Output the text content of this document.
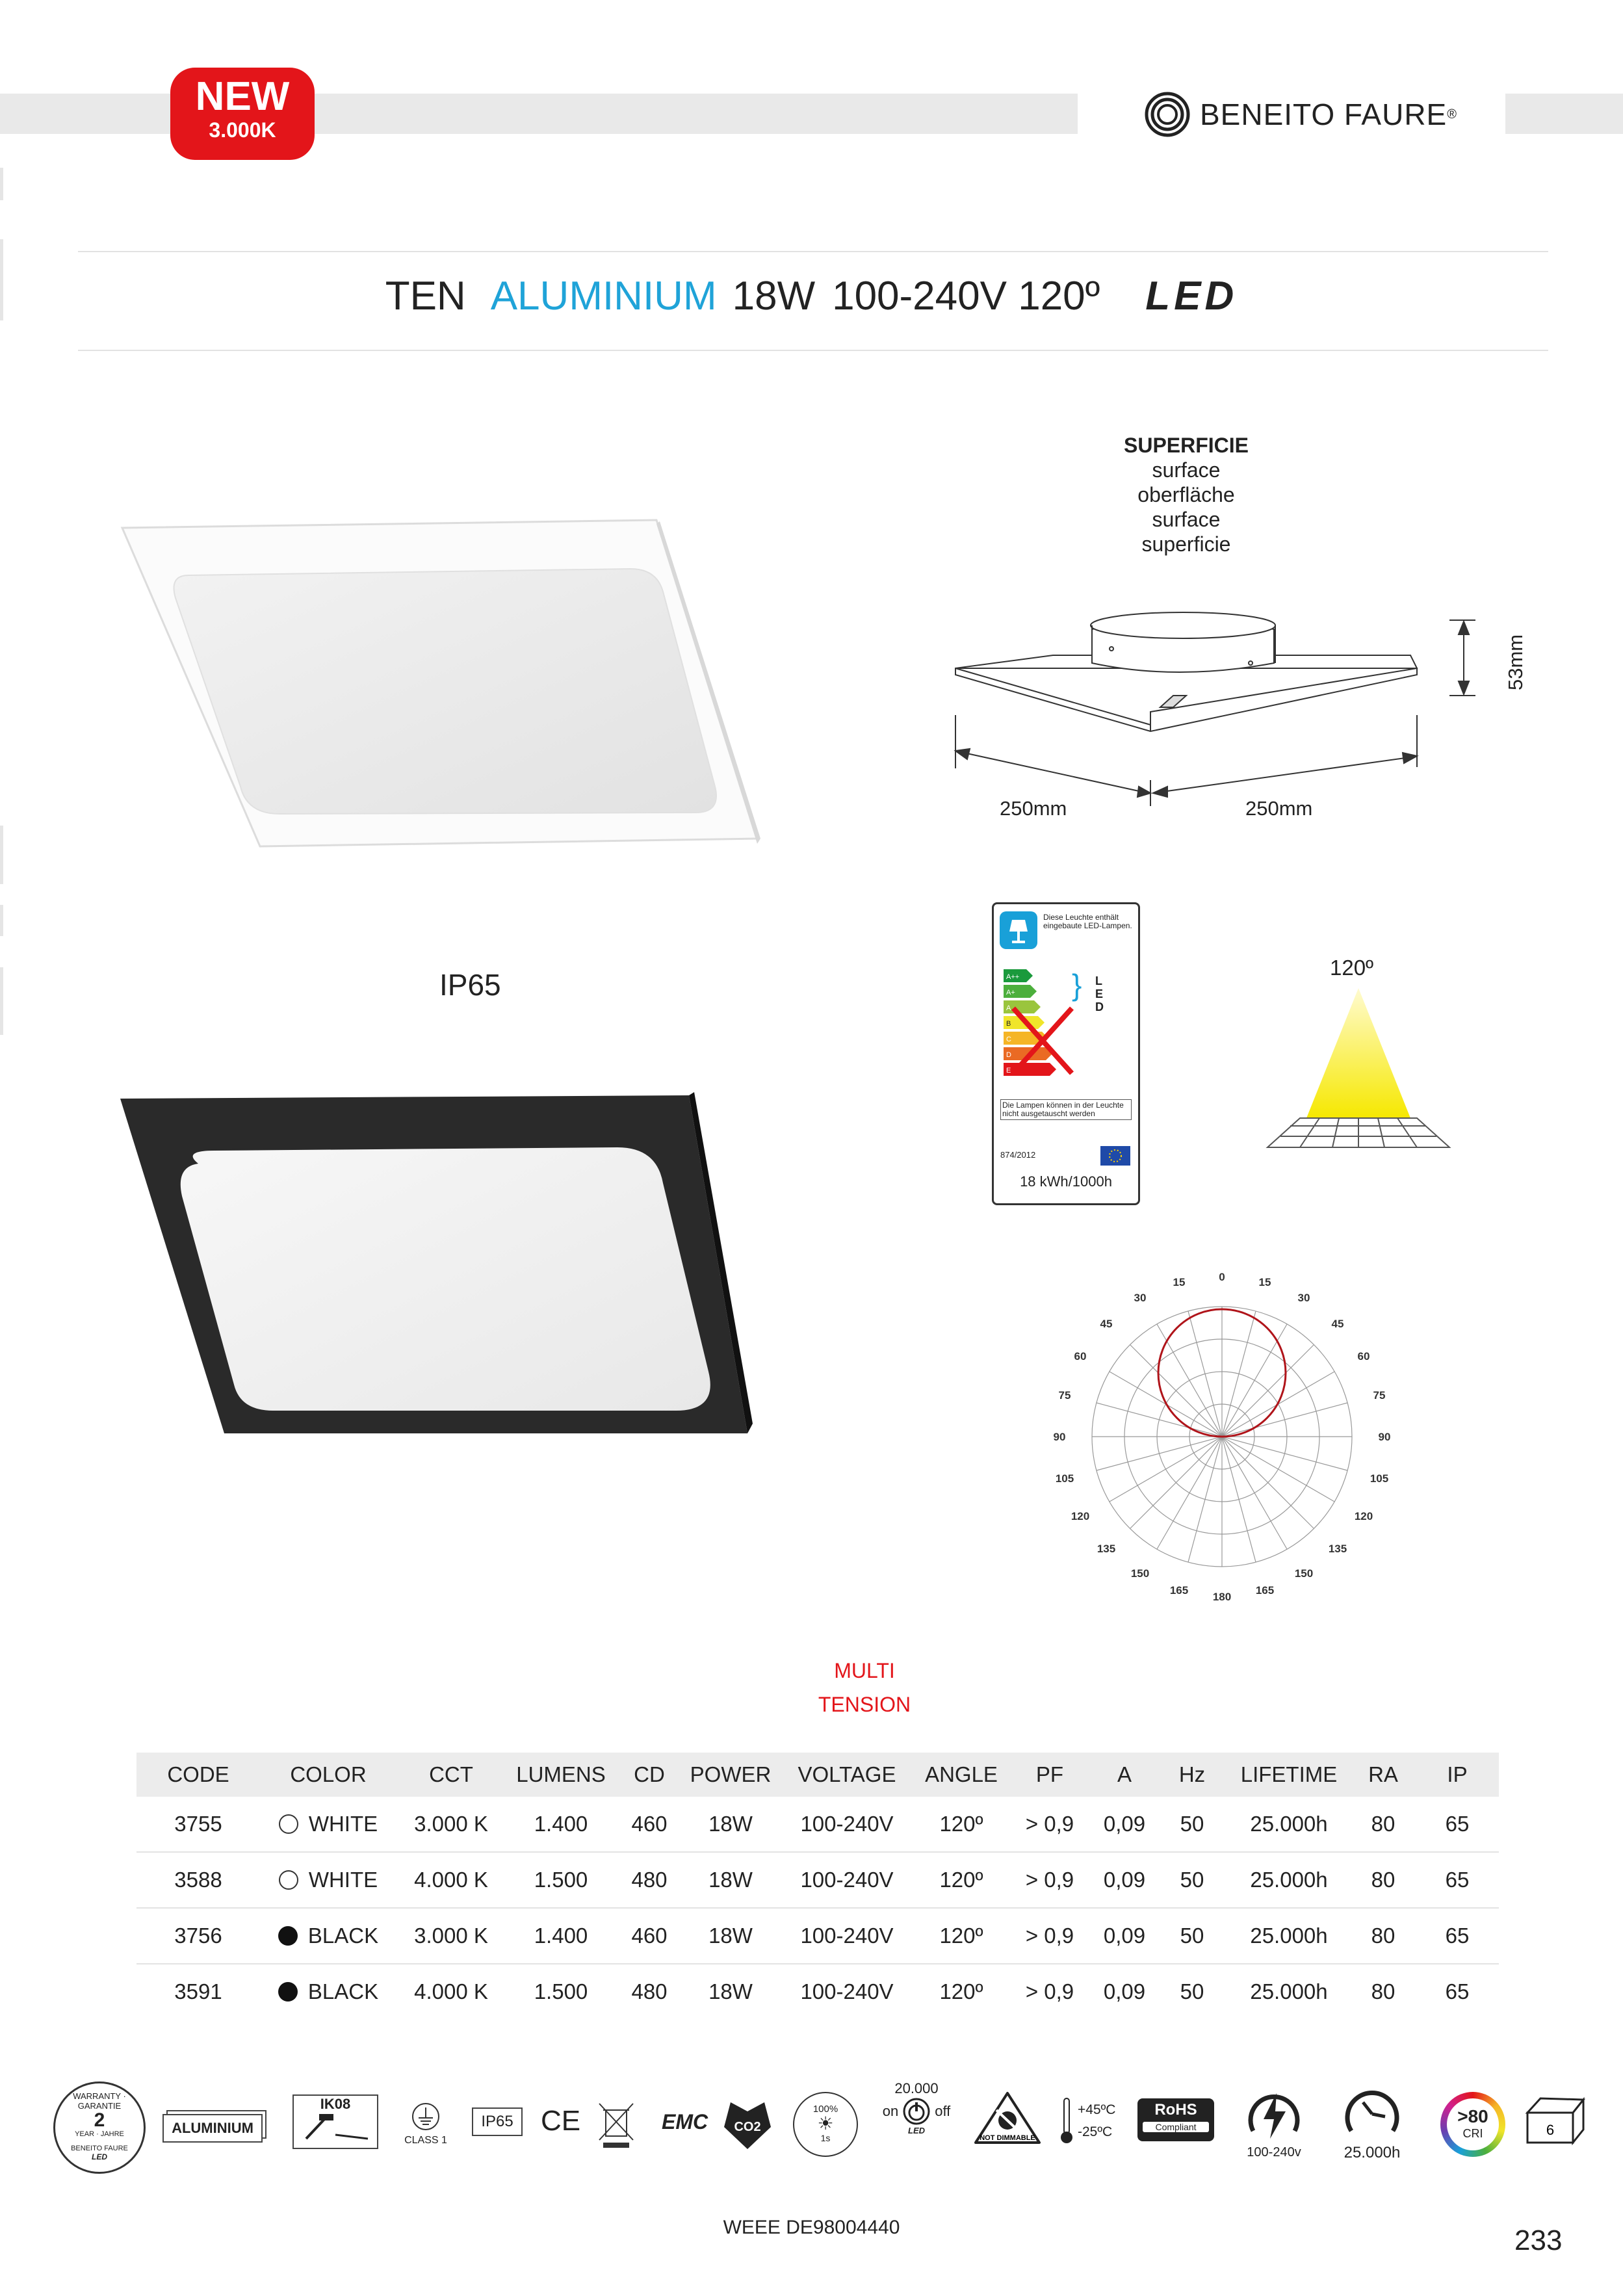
NEW
3.000K	BENEITO FAURE ®
TEN ALUMINIUM 18W 100-240V 120º LED
SUPERFICIE
surface
oberfläche
surface
superficie
53mm
250mm	250mm
IP65
Diese Leuchte enthält eingebaute LED-Lampen.
A++
A+
A
B
C
D
E
} L
E
D
Die Lampen können in der Leuchte nicht ausgetauscht werden
874/2012
18 kWh/1000h
120º
0
15
30
45
60
75
90
105
120
135
150
165
180
15
30
45
60
75
90
105
120
135
150
165
MULTI
TENSION
CODE	COLOR	CCT	LUMENS	CD	POWER	VOLTAGE	ANGLE	PF	A	Hz	LIFETIME	RA	IP
3755	WHITE	3.000 K	1.400	460	18W	100-240V	120º	> 0,9	0,09	50	25.000h	80	65
3588	WHITE	4.000 K	1.500	480	18W	100-240V	120º	> 0,9	0,09	50	25.000h	80	65
3756	BLACK	3.000 K	1.400	460	18W	100-240V	120º	> 0,9	0,09	50	25.000h	80	65
3591	BLACK	4.000 K	1.500	480	18W	100-240V	120º	> 0,9	0,09	50	25.000h	80	65
WARRANTY · GARANTIE
2
YEAR · JAHRE
BENEITO FAURE
LED
ALUMINIUM
IK08
CLASS 1
IP65 CE	EMC CO2
100%
☀
1s
20.000
on	off
LED
NOT DIMMABLE
+45ºC
-25ºC
RoHS
Compliant
100-240v	25.000h
>80
CRI	6
WEEE DE98004440	233
